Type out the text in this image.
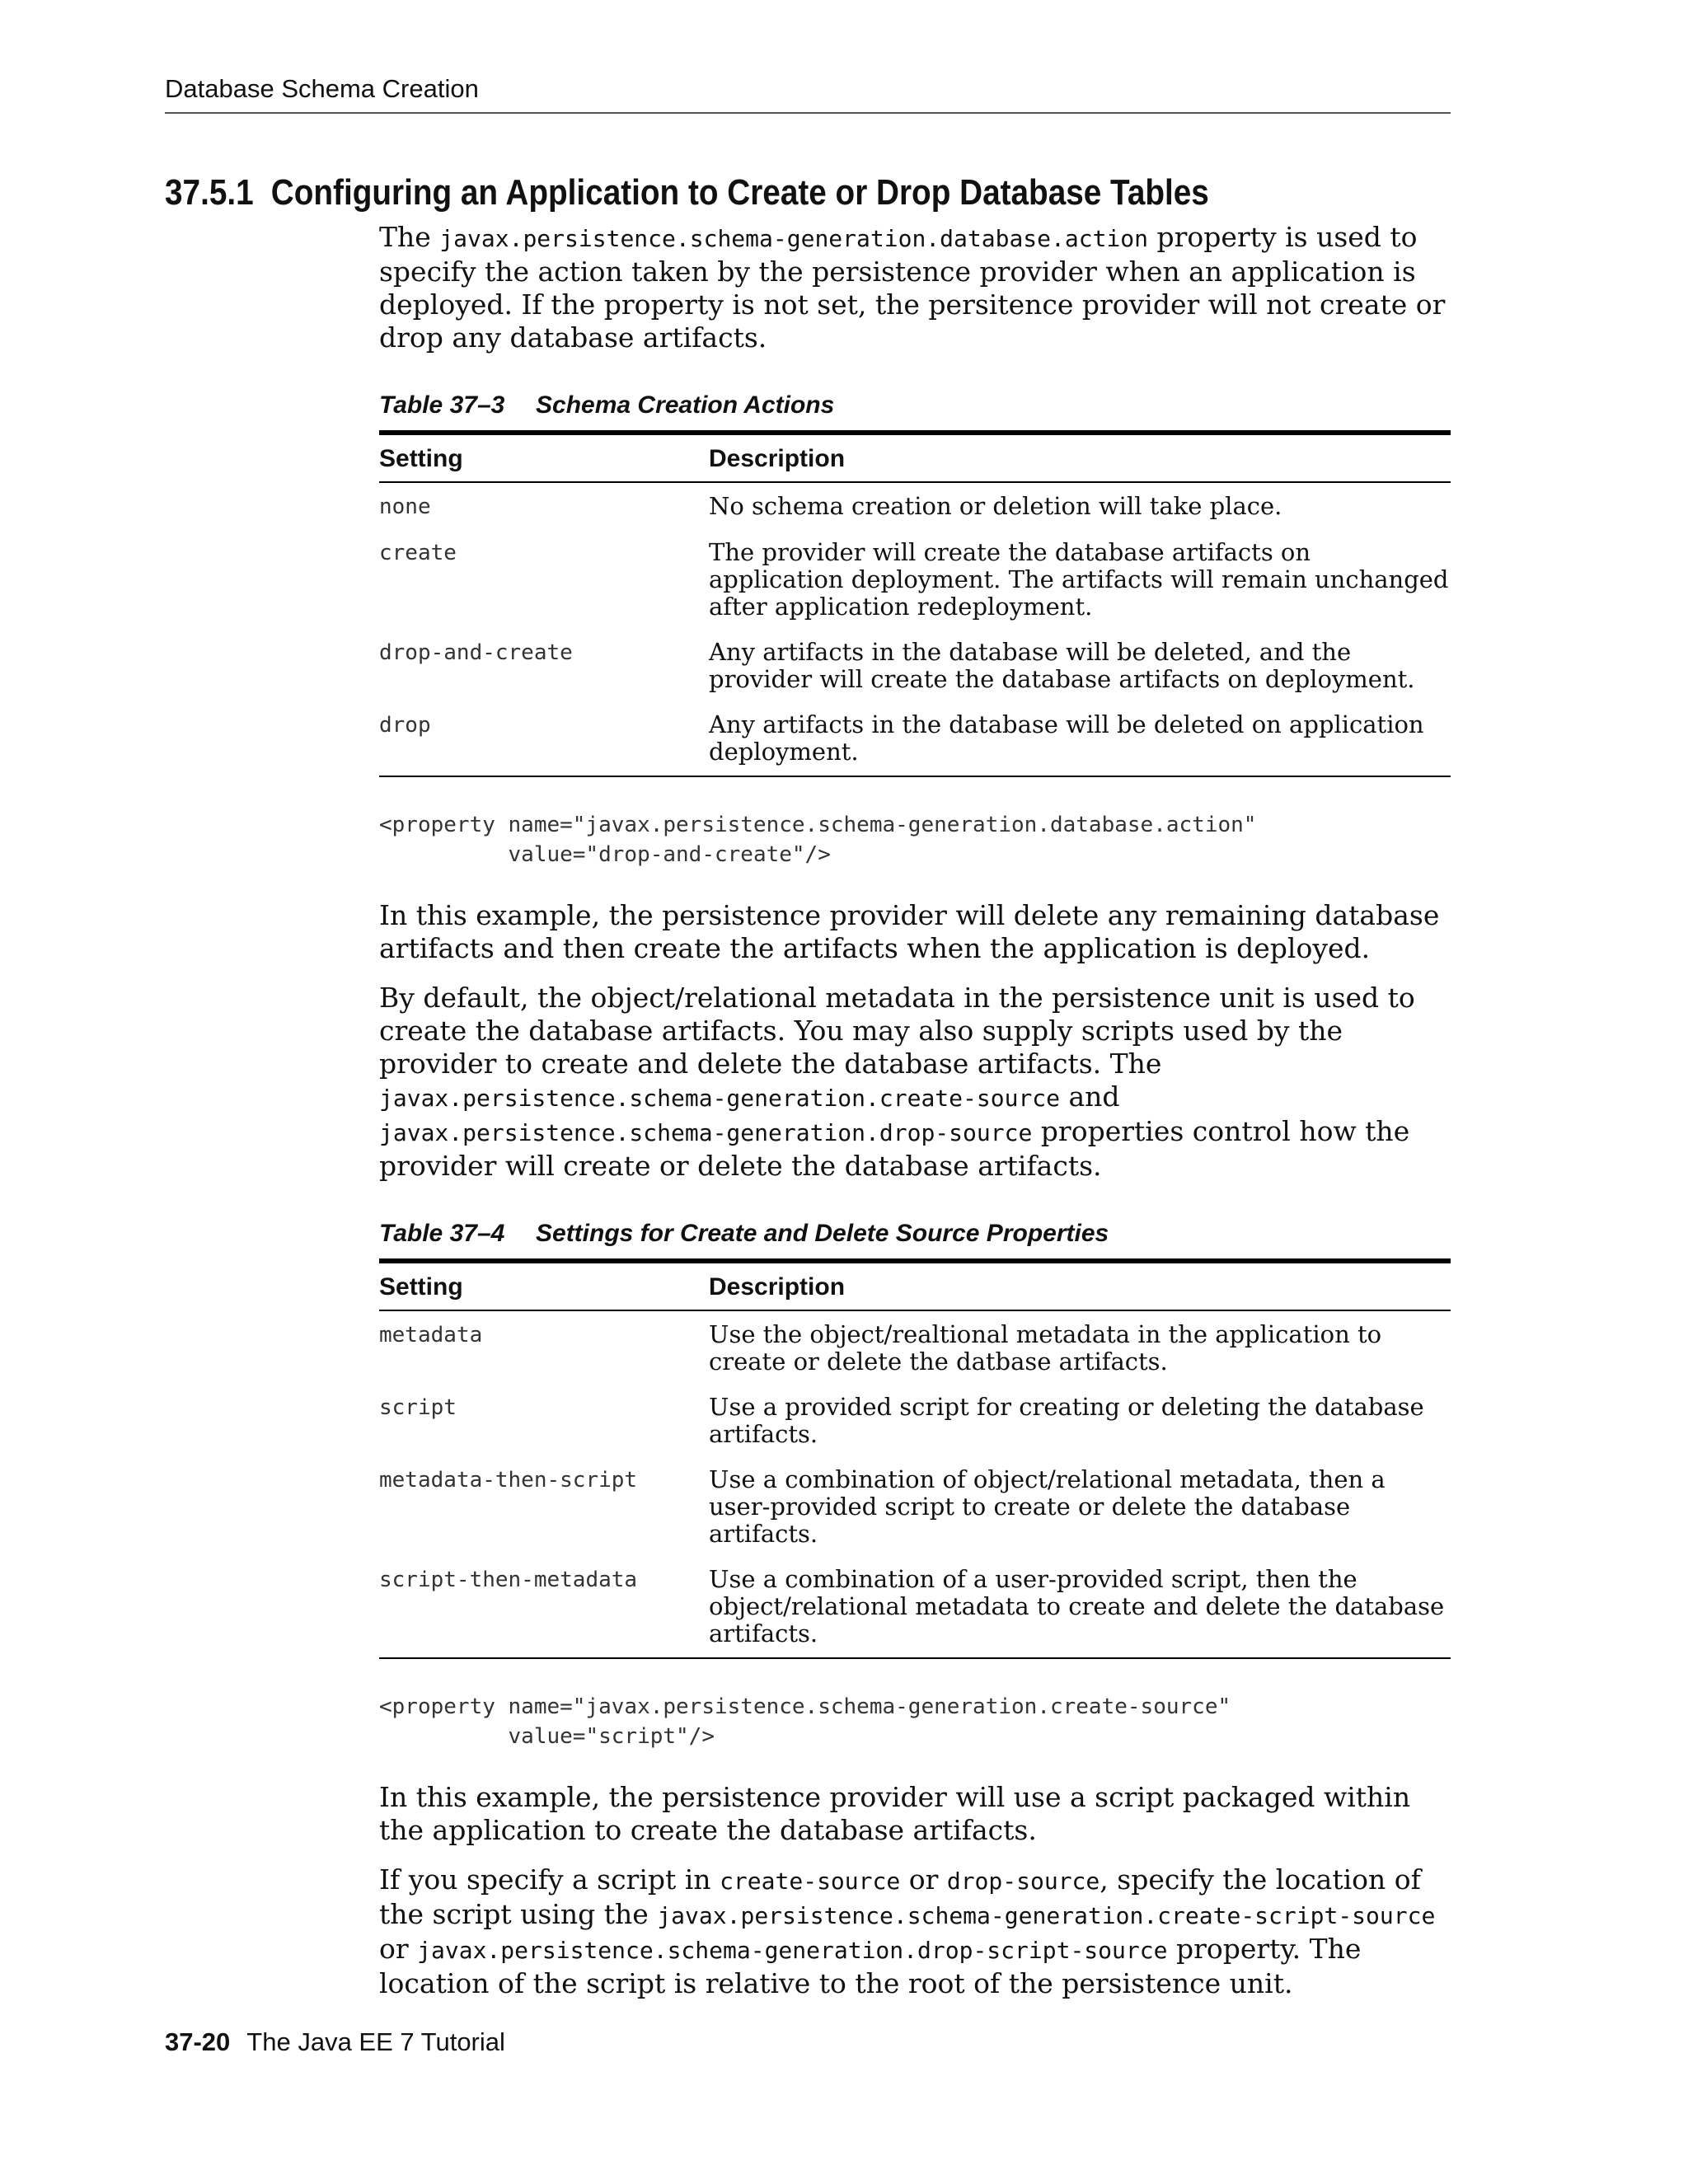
Database Schema Creation
37.5.1 Configuring an Application to Create or Drop Database Tables

The javax.persistence.schema-generation.database.action property is used to specify the action taken by the persistence provider when an application is deployed. If the property is not set, the persitence provider will not create or drop any database artifacts.

Table 37–3 Schema Creation Actions
Setting	Description
none	No schema creation or deletion will take place.
create	The provider will create the database artifacts on application deployment. The artifacts will remain unchanged after application redeployment.
drop-and-create	Any artifacts in the database will be deleted, and the provider will create the database artifacts on deployment.
drop	Any artifacts in the database will be deleted on application deployment.
<property name="javax.persistence.schema-generation.database.action"
value="drop-and-create"/>

In this example, the persistence provider will delete any remaining database artifacts and then create the artifacts when the application is deployed.

By default, the object/relational metadata in the persistence unit is used to create the database artifacts. You may also supply scripts used by the provider to create and delete the database artifacts. The javax.persistence.schema-generation.create-source and javax.persistence.schema-generation.drop-source properties control how the provider will create or delete the database artifacts.

Table 37–4 Settings for Create and Delete Source Properties
Setting	Description
metadata	Use the object/realtional metadata in the application to create or delete the datbase artifacts.
script	Use a provided script for creating or deleting the database artifacts.
metadata-then-script	Use a combination of object/relational metadata, then a user-provided script to create or delete the database artifacts.
script-then-metadata	Use a combination of a user-provided script, then the object/relational metadata to create and delete the database artifacts.
<property name="javax.persistence.schema-generation.create-source"
value="script"/>

In this example, the persistence provider will use a script packaged within the application to create the database artifacts.

If you specify a script in create-source or drop-source, specify the location of the script using the javax.persistence.schema-generation.create-script-source or javax.persistence.schema-generation.drop-script-source property. The location of the script is relative to the root of the persistence unit.

37-20 The Java EE 7 Tutorial
